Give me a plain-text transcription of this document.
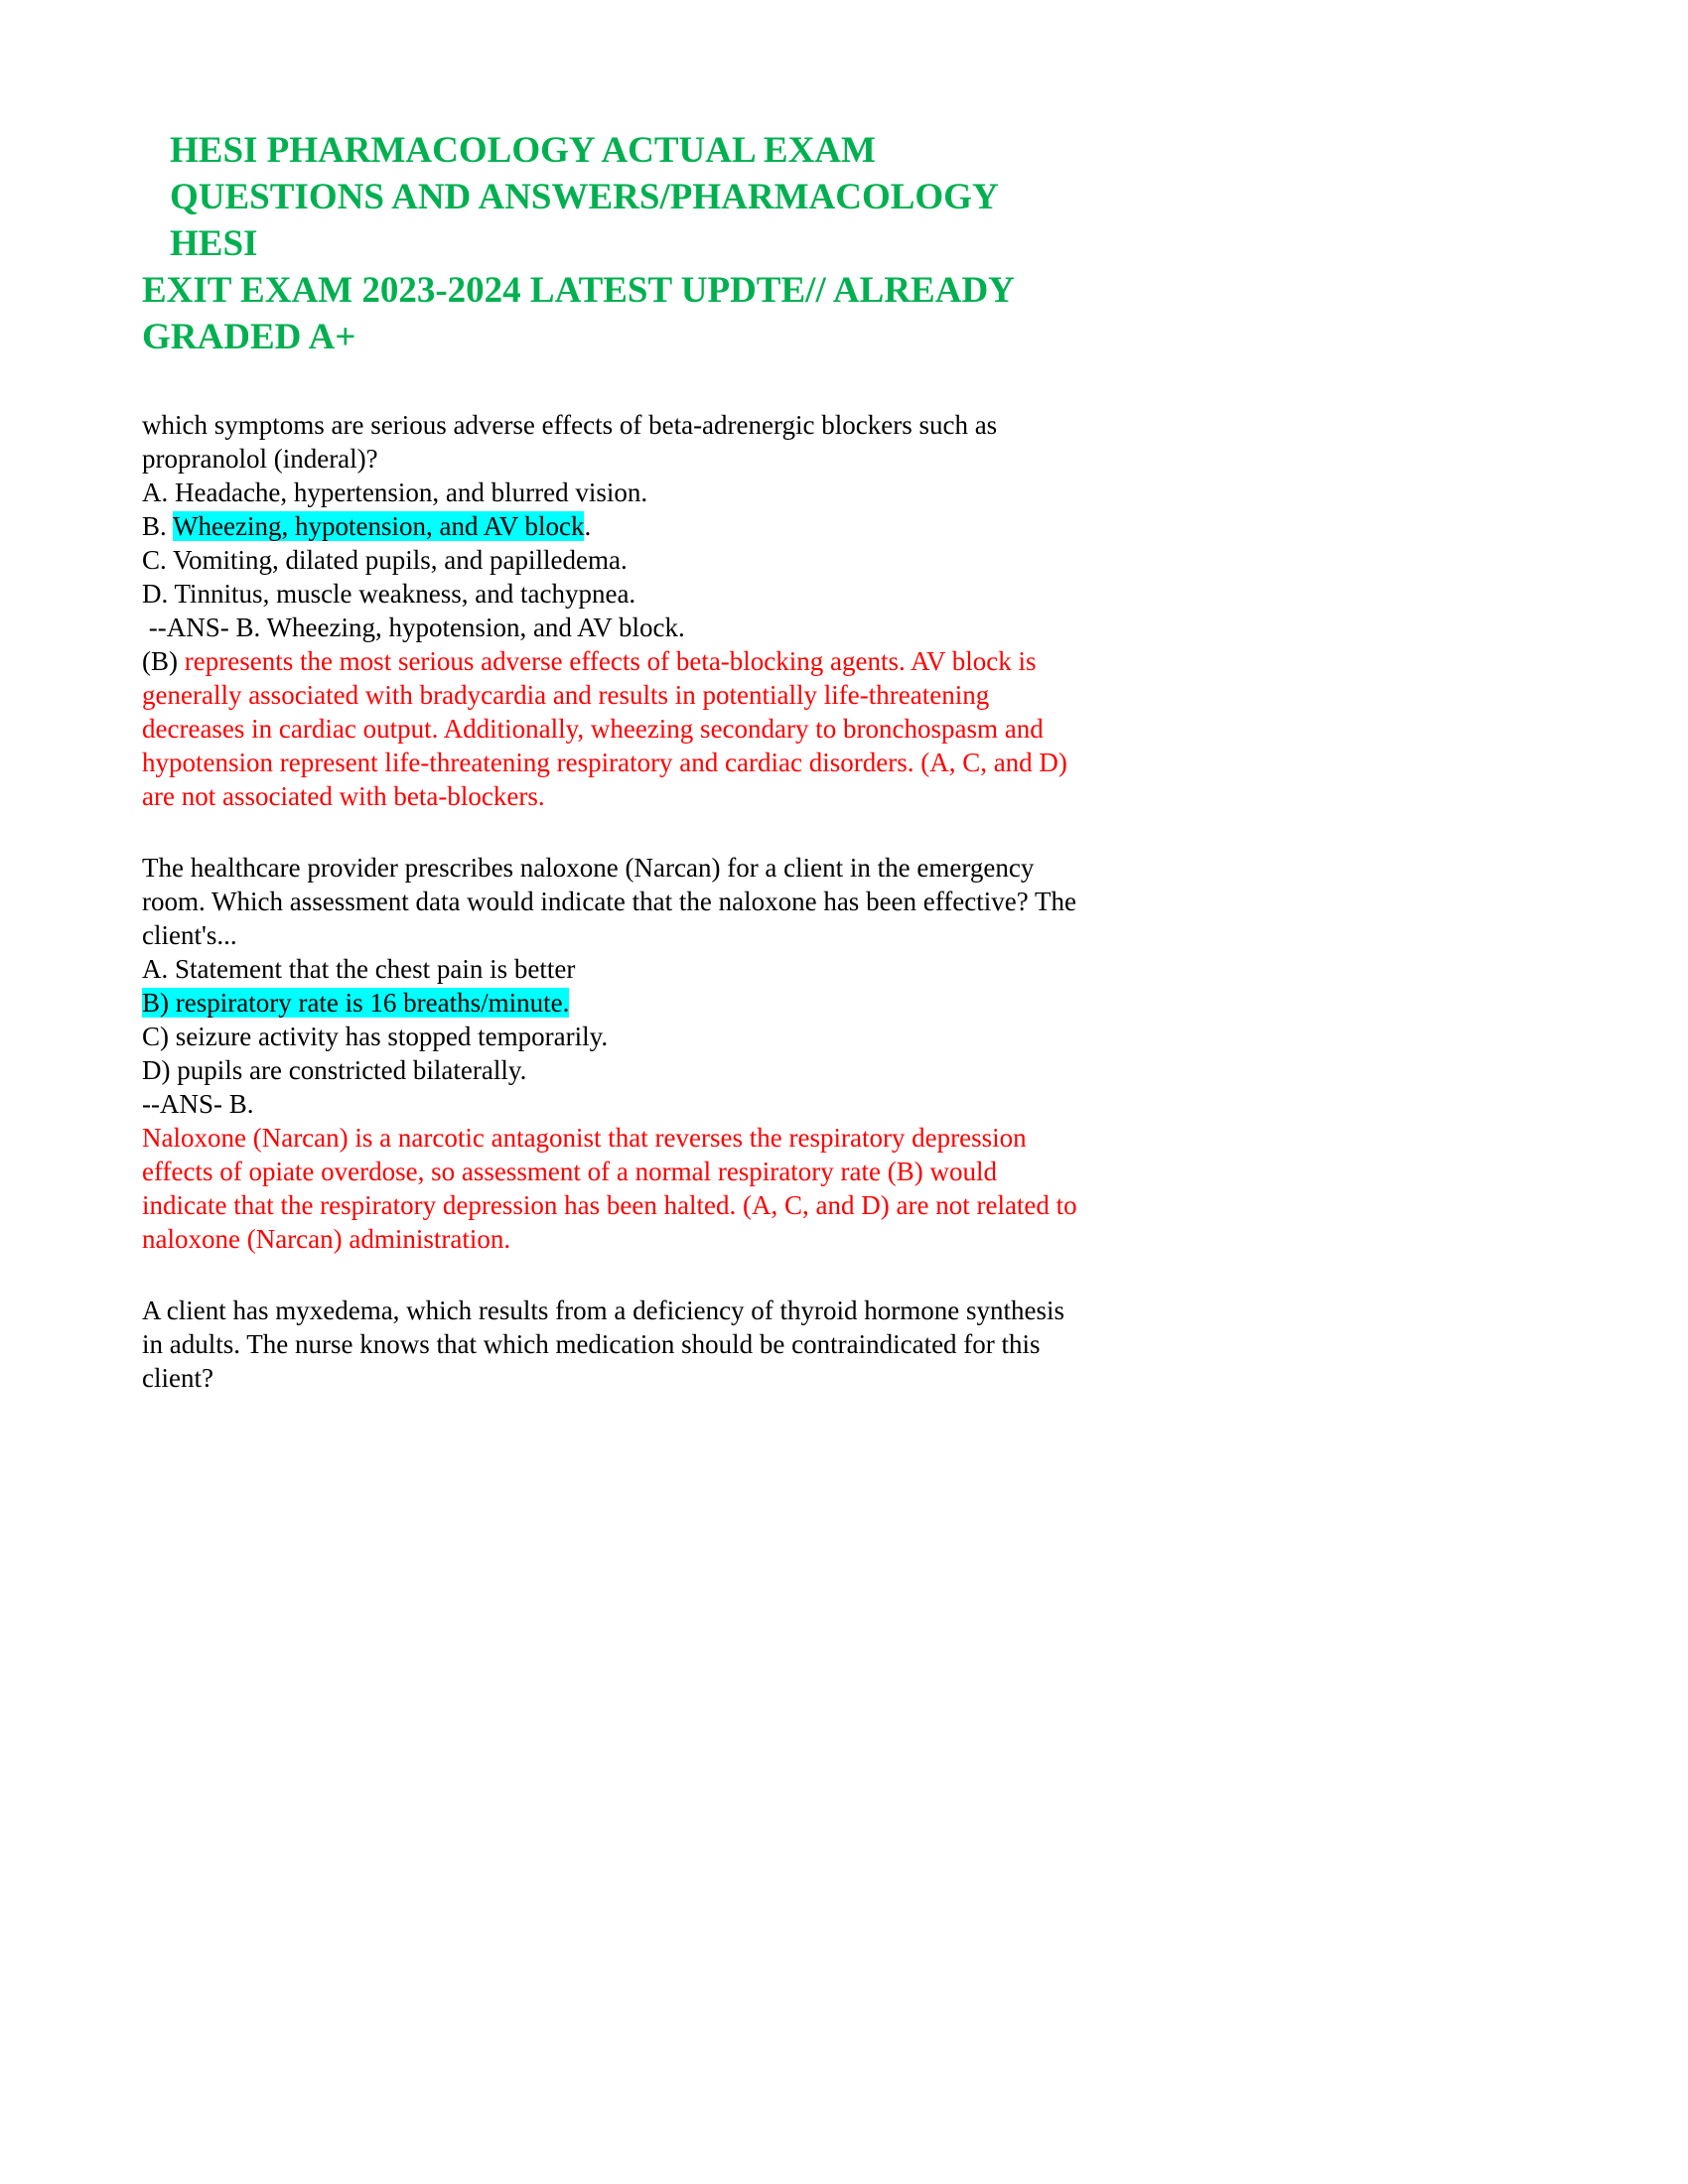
HESI PHARMACOLOGY ACTUAL EXAM
QUESTIONS AND ANSWERS/PHARMACOLOGY
HESI
EXIT EXAM 2023-2024 LATEST UPDTE// ALREADY
GRADED A+

which symptoms are serious adverse effects of beta-adrenergic blockers such as propranolol (inderal)?

A. Headache, hypertension, and blurred vision.

B. Wheezing, hypotension, and AV block.

C. Vomiting, dilated pupils, and papilledema.

D. Tinnitus, muscle weakness, and tachypnea.

--ANS- B. Wheezing, hypotension, and AV block.

(B) represents the most serious adverse effects of beta-blocking agents. AV block is generally associated with bradycardia and results in potentially life-threatening decreases in cardiac output. Additionally, wheezing secondary to bronchospasm and hypotension represent life-threatening respiratory and cardiac disorders. (A, C, and D) are not associated with beta-blockers.

The healthcare provider prescribes naloxone (Narcan) for a client in the emergency room. Which assessment data would indicate that the naloxone has been effective? The client's...

A. Statement that the chest pain is better

B) respiratory rate is 16 breaths/minute.

C) seizure activity has stopped temporarily.

D) pupils are constricted bilaterally.

--ANS- B.

Naloxone (Narcan) is a narcotic antagonist that reverses the respiratory depression effects of opiate overdose, so assessment of a normal respiratory rate (B) would indicate that the respiratory depression has been halted. (A, C, and D) are not related to naloxone (Narcan) administration.

A client has myxedema, which results from a deficiency of thyroid hormone synthesis in adults. The nurse knows that which medication should be contraindicated for this client?
